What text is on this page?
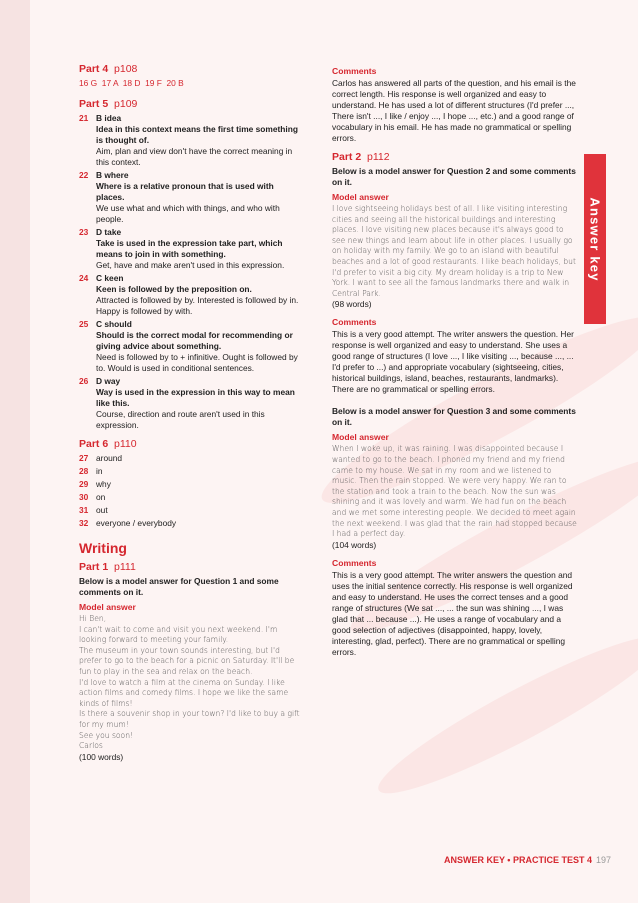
Answer key
Part 4 p108
16 G  17 A  18 D  19 F  20 B
Part 5 p109
21 B idea
Idea in this context means the first time something is thought of.
Aim, plan and view don't have the correct meaning in this context.
22 B where
Where is a relative pronoun that is used with places.
We use what and which with things, and who with people.
23 D take
Take is used in the expression take part, which means to join in with something.
Get, have and make aren't used in this expression.
24 C keen
Keen is followed by the preposition on.
Attracted is followed by by. Interested is followed by in. Happy is followed by with.
25 C should
Should is the correct modal for recommending or giving advice about something.
Need is followed by to + infinitive. Ought is followed by to. Would is used in conditional sentences.
26 D way
Way is used in the expression in this way to mean like this.
Course, direction and route aren't used in this expression.
Part 6 p110
27 around
28 in
29 why
30 on
31 out
32 everyone / everybody
Writing
Part 1 p111
Below is a model answer for Question 1 and some comments on it.
Model answer
Hi Ben,
I can't wait to come and visit you next weekend. I'm looking forward to meeting your family.
The museum in your town sounds interesting, but I'd prefer to go to the beach for a picnic on Saturday. It'll be fun to play in the sea and relax on the beach.
I'd love to watch a film at the cinema on Sunday. I like action films and comedy films. I hope we like the same kinds of films!
Is there a souvenir shop in your town? I'd like to buy a gift for my mum!
See you soon!
Carlos
(100 words)
Comments
Carlos has answered all parts of the question, and his email is the correct length. His response is well organized and easy to understand. He has used a lot of different structures (I'd prefer ..., There isn't ..., I like / enjoy ..., I hope ..., etc.) and a good range of vocabulary in his email. He has made no grammatical or spelling errors.
Part 2 p112
Below is a model answer for Question 2 and some comments on it.
Model answer
I love sightseeing holidays best of all. I like visiting interesting cities and seeing all the historical buildings and interesting places. I love visiting new places because it's always good to see new things and learn about life in other places. I usually go on holiday with my family. We go to an island with beautiful beaches and a lot of good restaurants. I like beach holidays, but I'd prefer to visit a big city. My dream holiday is a trip to New York. I want to see all the famous landmarks there and walk in Central Park.
(98 words)
Comments
This is a very good attempt. The writer answers the question. Her response is well organized and easy to understand. She uses a good range of structures (I love ..., I like visiting ..., because ..., ... I'd prefer to ...) and appropriate vocabulary (sightseeing, cities, historical buildings, island, beaches, restaurants, landmarks). There are no grammatical or spelling errors.
Below is a model answer for Question 3 and some comments on it.
Model answer
When I woke up, it was raining. I was disappointed because I wanted to go to the beach. I phoned my friend and my friend came to my house. We sat in my room and we listened to music. Then the rain stopped. We were very happy. We ran to the station and took a train to the beach. Now the sun was shining and it was lovely and warm. We had fun on the beach and we met some interesting people. We decided to meet again the next weekend. I was glad that the rain had stopped because I had a perfect day.
(104 words)
Comments
This is a very good attempt. The writer answers the question and uses the initial sentence correctly. His response is well organized and easy to understand. He uses the correct tenses and a good range of structures (We sat ..., ... the sun was shining ..., I was glad that ... because ...). He uses a range of vocabulary and a good selection of adjectives (disappointed, happy, lovely, interesting, glad, perfect). There are no grammatical or spelling errors.
ANSWER KEY • PRACTICE TEST 4 197
